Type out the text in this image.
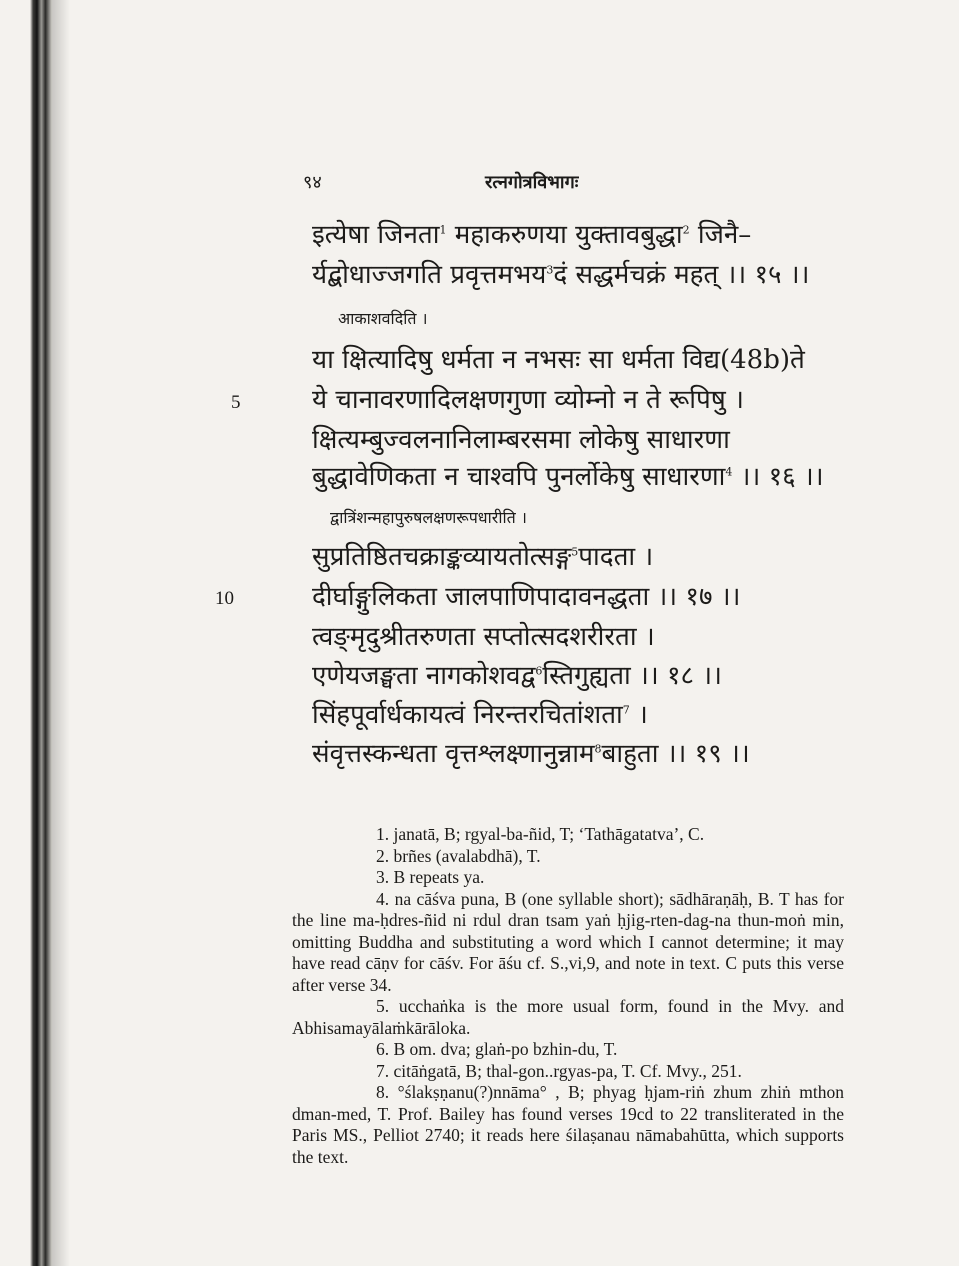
९४	रत्नगोत्रविभागः
5
10
इत्येषा जिनता$^1$ महाकरुणया युक्तावबुद्धा$^2$ जिनै–
र्यद्बोधाज्जगति प्रवृत्तमभय$^3$दं सद्धर्मचक्रं महत् ।। १५ ।।
आकाशवदिति ।
या क्षित्यादिषु धर्मता न नभसः सा धर्मता विद्य(48b)ते
ये चानावरणादिलक्षणगुणा व्योम्नो न ते रूपिषु ।
क्षित्यम्बुज्वलनानिलाम्बरसमा लोकेषु साधारणा
बुद्धावेणिकता न चाश्वपि पुनर्लोकेषु साधारणा$^4$ ।। १६ ।।
द्वात्रिंशन्महापुरुषलक्षणरूपधारीति ।
सुप्रतिष्ठितचक्राङ्कव्यायतोत्सङ्ग$^5$पादता ।
दीर्घाङ्गुलिकता जालपाणिपादावनद्धता ।। १७ ।।
त्वङ्मृदुश्रीतरुणता सप्तोत्सदशरीरता ।
एणेयजङ्घता नागकोशवद्व$^6$स्तिगुह्यता ।। १८ ।।
सिंहपूर्वार्धकायत्वं निरन्तरचितांशता$^7$ ।
संवृत्तस्कन्धता वृत्तश्लक्ष्णानुन्नाम$^8$बाहुता ।। १९ ।।

1. janatā, B; rgyal-ba-ñid, T; ‘Tathāgatatva’, C.

2. brñes (avalabdhā), T.

3. B repeats ya.

4. na cāśva puna, B (one syllable short); sādhāraṇāḥ, B. T has for the line ma-ḥdres-ñid ni rdul dran tsam yaṅ ḥjig-rten-dag-na thun-moṅ min, omitting Buddha and substituting a word which I cannot determine; it may have read cāṇv for cāśv. For āśu cf. S.,vi,9, and note in text. C puts this verse after verse 34.

5. ucchaṅka is the more usual form, found in the Mvy. and Abhisamayālaṁkārāloka.

6. B om. dva; glaṅ-po bzhin-du, T.

7. citāṅgatā, B; thal-gon..rgyas-pa, T. Cf. Mvy., 251.

8. °ślakṣṇanu(?)nnāma° , B; phyag ḥjam-riṅ zhum zhiṅ mthon dman-med, T. Prof. Bailey has found verses 19cd to 22 transliterated in the Paris MS., Pelliot 2740; it reads here śilaṣanau nāmabahūtta, which supports the text.
